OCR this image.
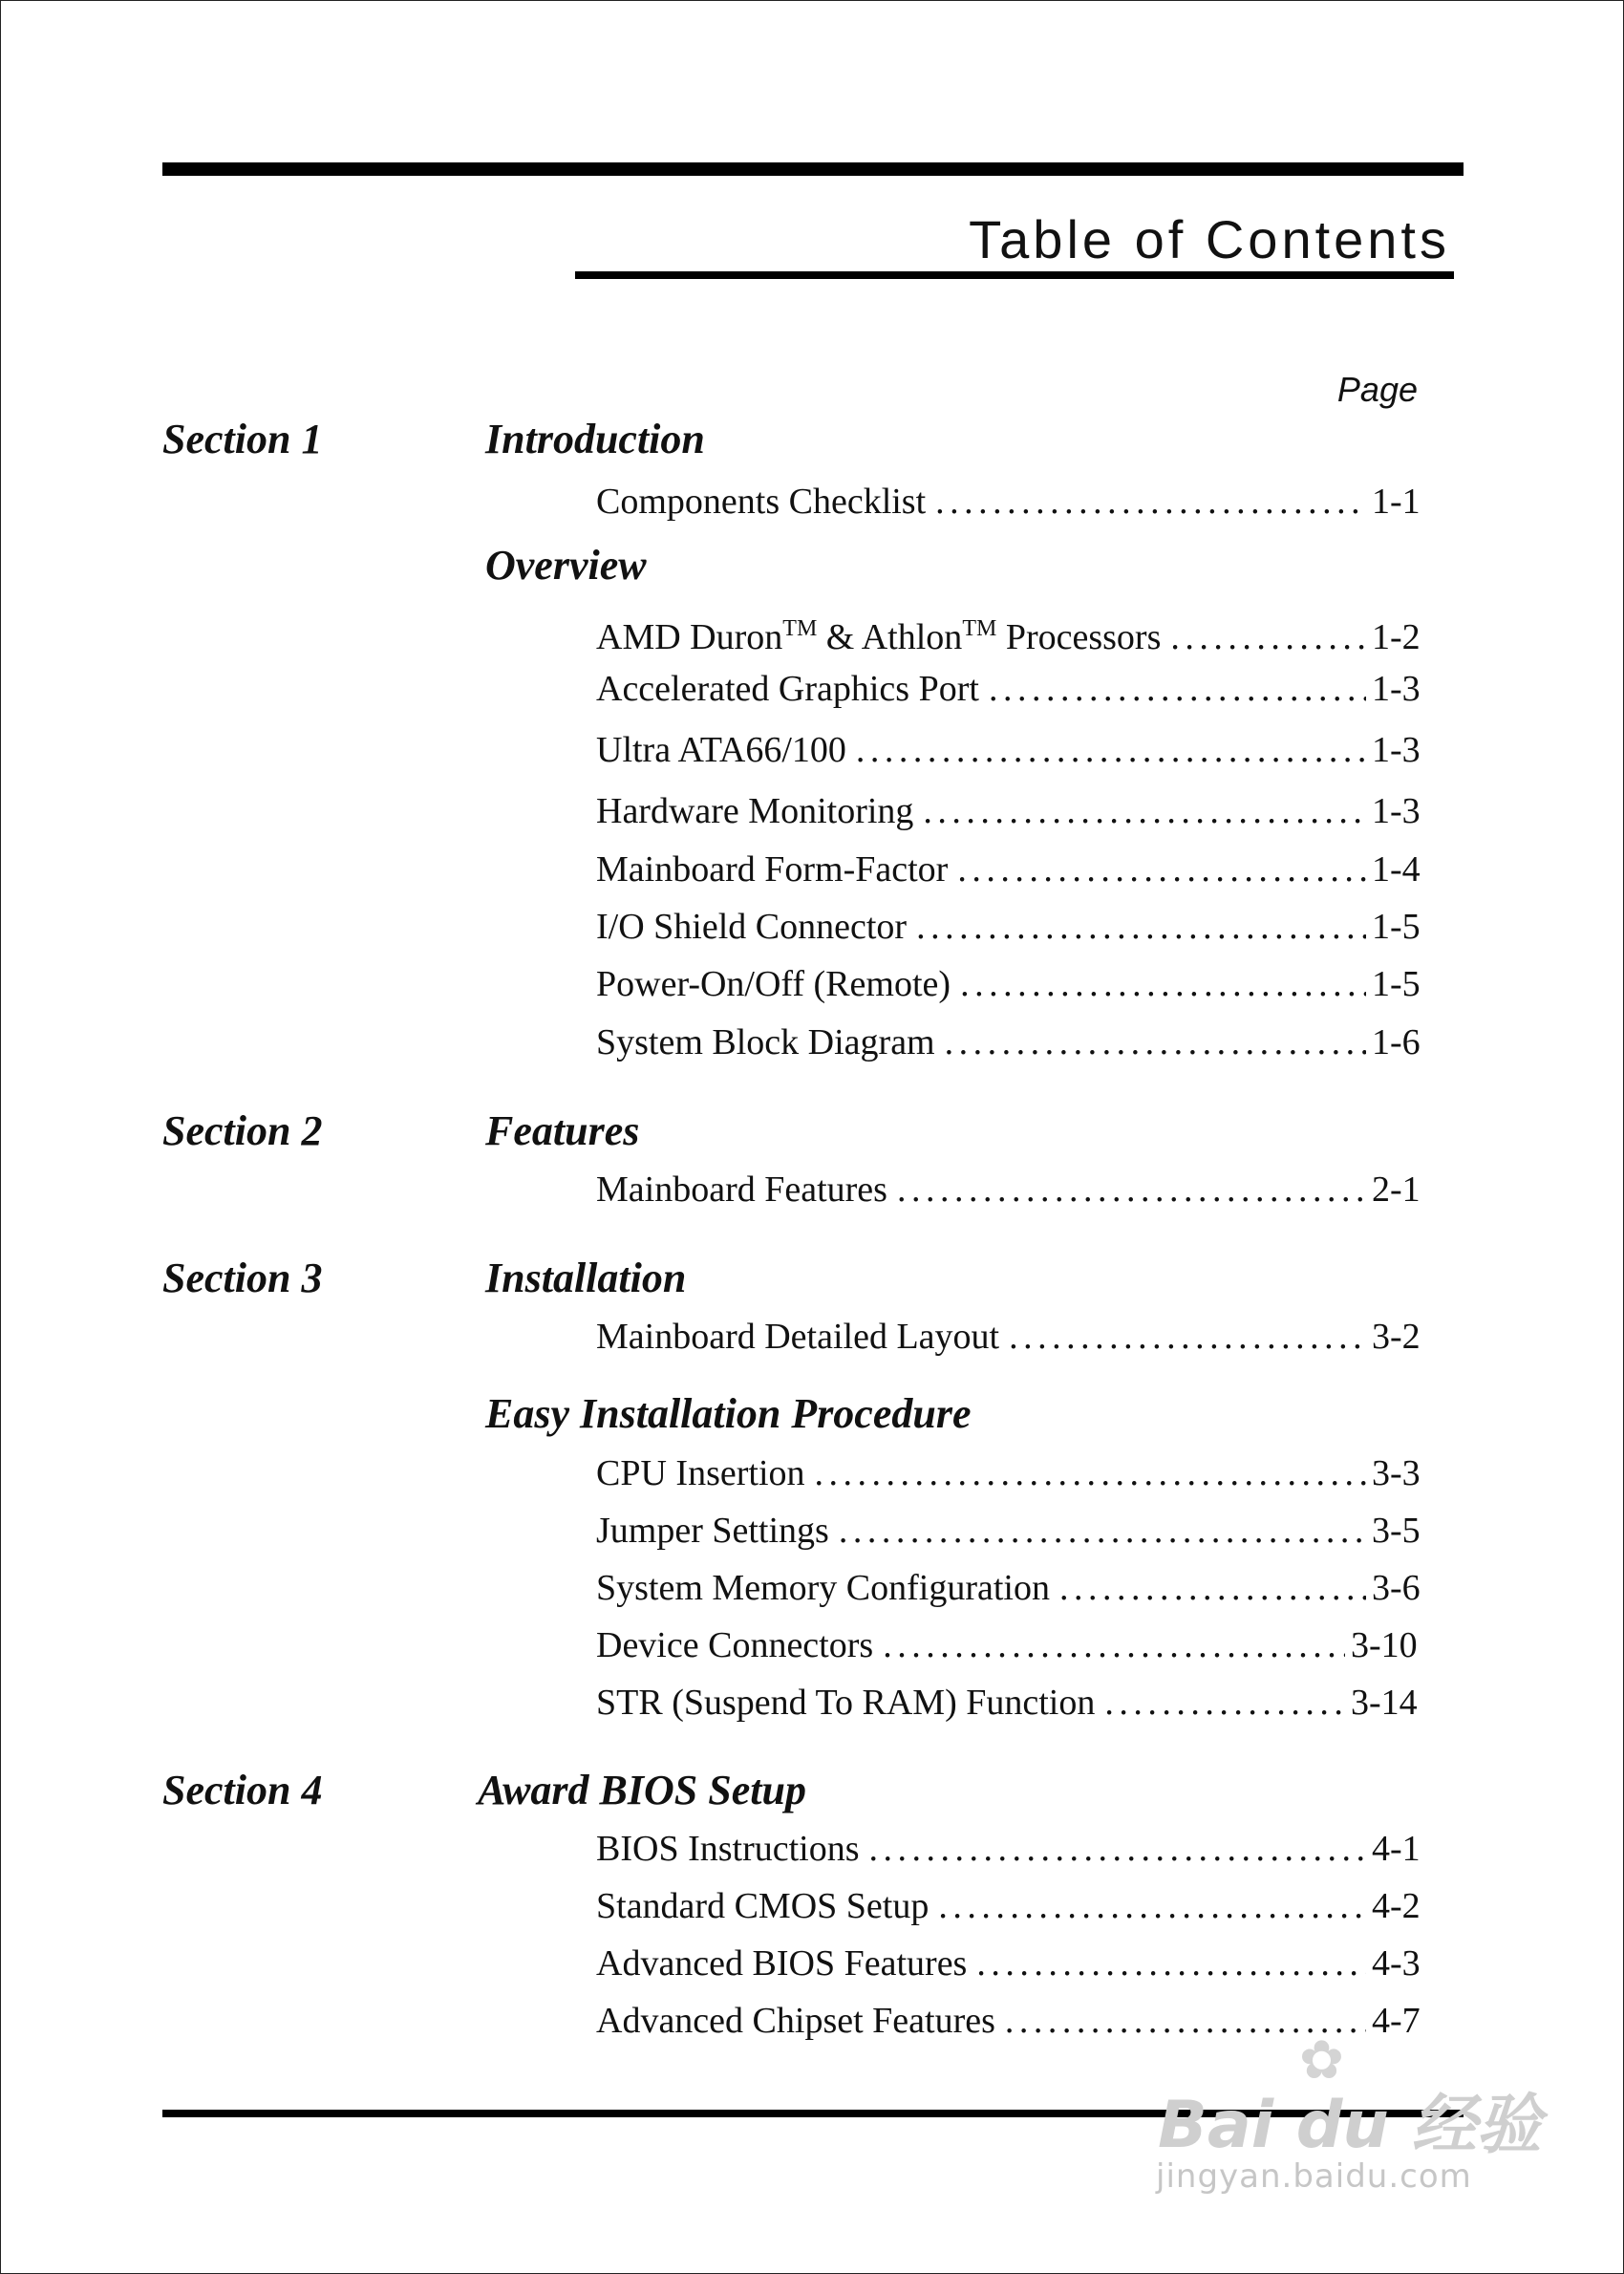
Table of Contents
Page
Section 1	Introduction
Components Checklist . . .	1-1
Overview
AMD Duron™ & Athlon™ Processors . . .	1-2
Accelerated Graphics Port . . .	1-3
Ultra ATA66/100 . . .	1-3
Hardware Monitoring . . .	1-3
Mainboard Form-Factor . . .	1-4
I/O Shield Connector . . .	1-5
Power-On/Off (Remote) . . .	1-5
System Block Diagram . . .	1-6
Section 2	Features
Mainboard Features . . .	2-1
Section 3	Installation
Mainboard Detailed Layout . . .	3-2
Easy Installation Procedure
CPU Insertion . . .	3-3
Jumper Settings . . .	3-5
System Memory Configuration . . .	3-6
Device Connectors . . .	3-10
STR (Suspend To RAM) Function . . .	3-14
Section 4	Award BIOS Setup
BIOS Instructions . . .	4-1
Standard CMOS Setup . . .	4-2
Advanced BIOS Features . . .	4-3
Advanced Chipset Features . . .	4-7
✿
Bai du 经验
jingyan.baidu.com
